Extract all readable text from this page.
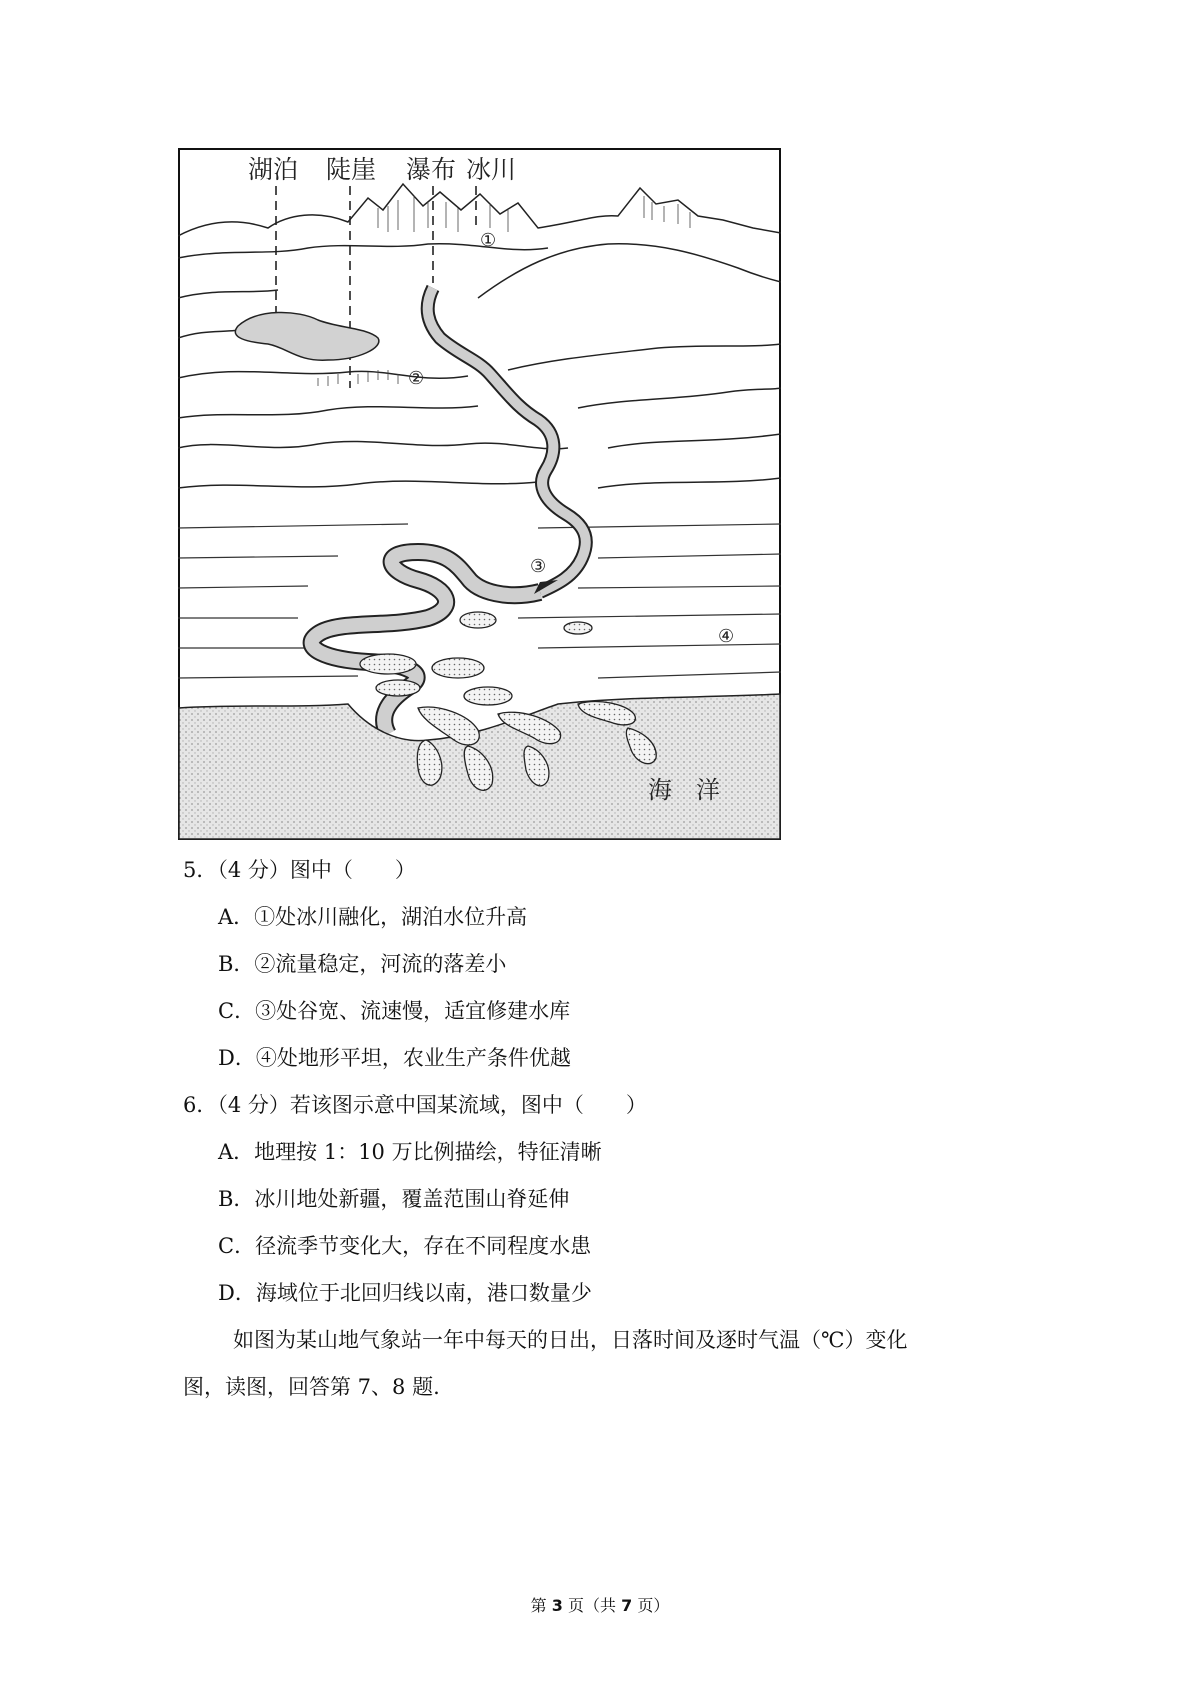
湖泊 陡崖 瀑布 冰川
①
②
③
④
海　洋
5．（4 分）图中（　　）
A．①处冰川融化，湖泊水位升高
B．②流量稳定，河流的落差小
C．③处谷宽、流速慢，适宜修建水库
D．④处地形平坦，农业生产条件优越
6．（4 分）若该图示意中国某流域，图中（　　）
A．地理按 1：10 万比例描绘，特征清晰
B．冰川地处新疆，覆盖范围山脊延伸
C．径流季节变化大，存在不同程度水患
D．海域位于北回归线以南，港口数量少
如图为某山地气象站一年中每天的日出，日落时间及逐时气温（℃）变化
图，读图，回答第 7、8 题.
第 3 页（共 7 页）
